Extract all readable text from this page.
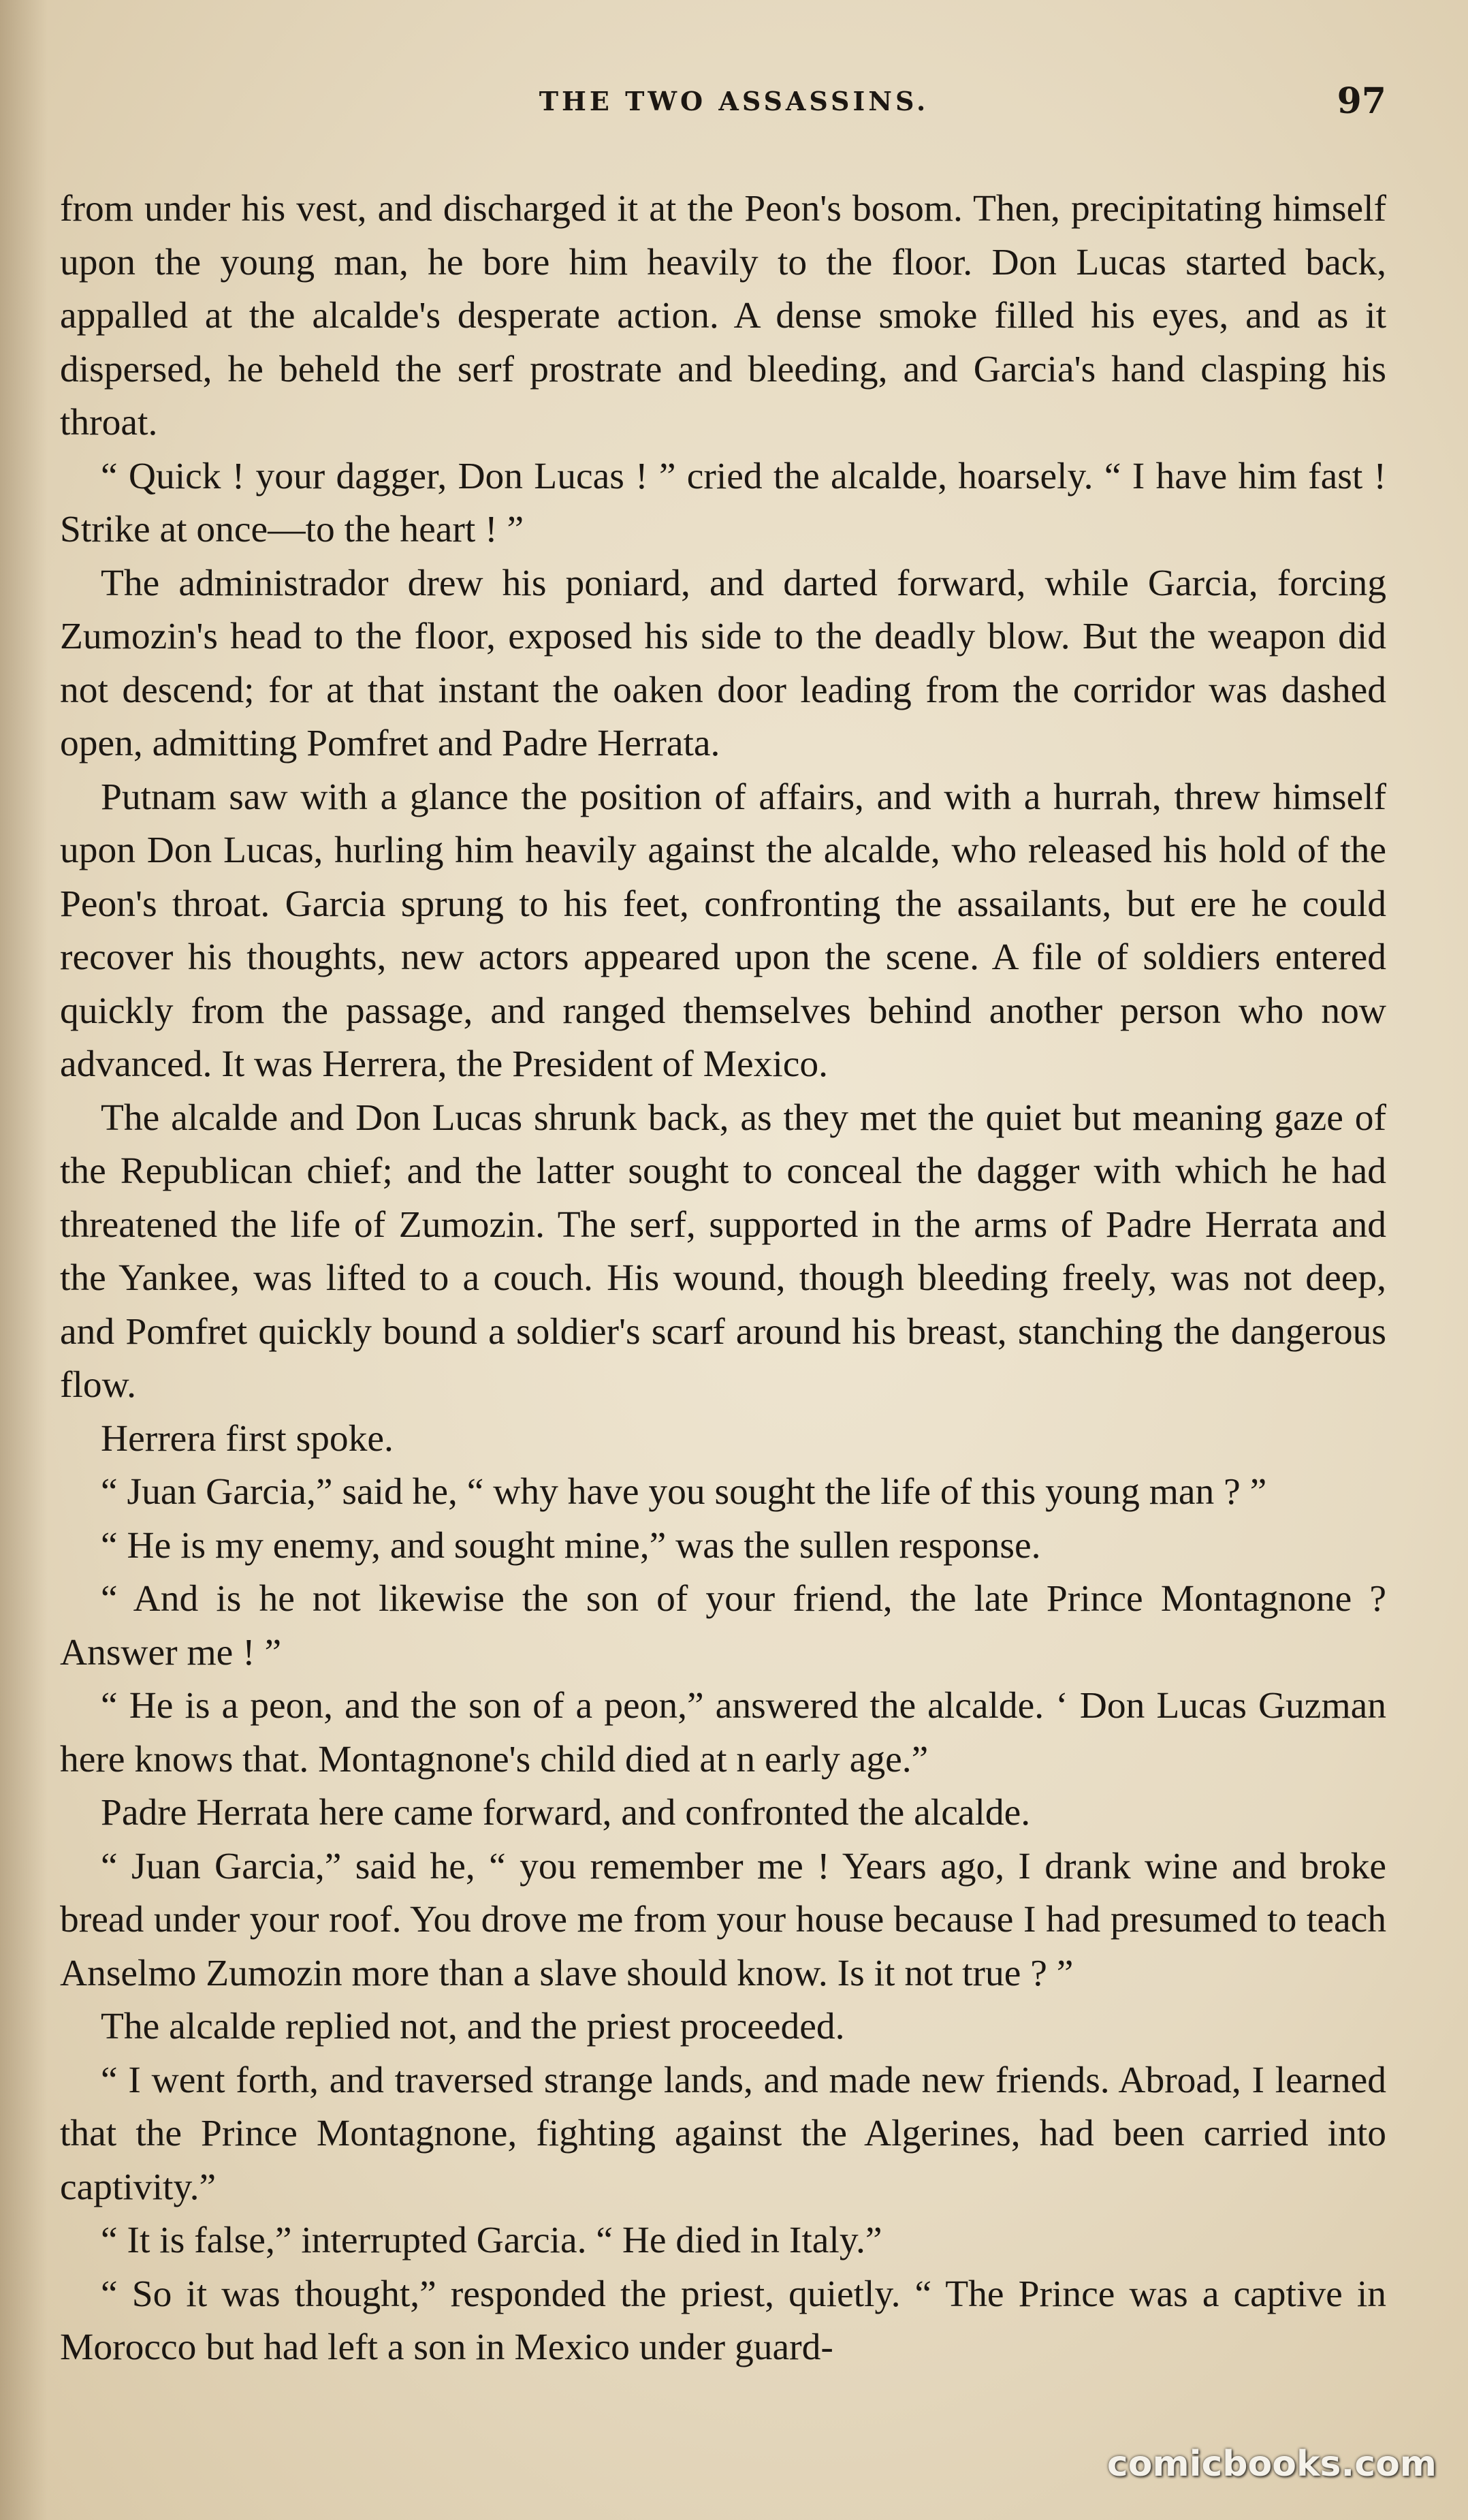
THE TWO ASSASSINS.	97

from under his vest, and discharged it at the Peon's bosom. Then, precipitating himself upon the young man, he bore him heavily to the floor. Don Lucas started back, appalled at the alcalde's desperate action. A dense smoke filled his eyes, and as it dispersed, he beheld the serf prostrate and bleeding, and Garcia's hand clasping his throat.

“ Quick ! your dagger, Don Lucas ! ” cried the alcalde, hoarsely. “ I have him fast ! Strike at once—to the heart ! ”

The administrador drew his poniard, and darted forward, while Garcia, forcing Zumozin's head to the floor, exposed his side to the deadly blow. But the weapon did not descend; for at that instant the oaken door leading from the corridor was dashed open, admitting Pomfret and Padre Herrata.

Putnam saw with a glance the position of affairs, and with a hurrah, threw himself upon Don Lucas, hurling him heavily against the alcalde, who released his hold of the Peon's throat. Garcia sprung to his feet, confronting the assailants, but ere he could recover his thoughts, new actors appeared upon the scene. A file of soldiers entered quickly from the passage, and ranged themselves behind another person who now advanced. It was Herrera, the President of Mexico.

The alcalde and Don Lucas shrunk back, as they met the quiet but meaning gaze of the Republican chief; and the latter sought to conceal the dagger with which he had threatened the life of Zumozin. The serf, supported in the arms of Padre Herrata and the Yankee, was lifted to a couch. His wound, though bleeding freely, was not deep, and Pomfret quickly bound a soldier's scarf around his breast, stanching the dangerous flow.

Herrera first spoke.

“ Juan Garcia,” said he, “ why have you sought the life of this young man ? ”

“ He is my enemy, and sought mine,” was the sullen response.

“ And is he not likewise the son of your friend, the late Prince Montagnone ? Answer me ! ”

“ He is a peon, and the son of a peon,” answered the alcalde. ‘ Don Lucas Guzman here knows that. Montagnone's child died at n early age.”

Padre Herrata here came forward, and confronted the alcalde.

“ Juan Garcia,” said he, “ you remember me ! Years ago, I drank wine and broke bread under your roof. You drove me from your house because I had presumed to teach Anselmo Zumozin more than a slave should know. Is it not true ? ”

The alcalde replied not, and the priest proceeded.

“ I went forth, and traversed strange lands, and made new friends. Abroad, I learned that the Prince Montagnone, fighting against the Algerines, had been carried into captivity.”

“ It is false,” interrupted Garcia. “ He died in Italy.”

“ So it was thought,” responded the priest, quietly. “ The Prince was a captive in Morocco but had left a son in Mexico under guard-

comicbooks.com
